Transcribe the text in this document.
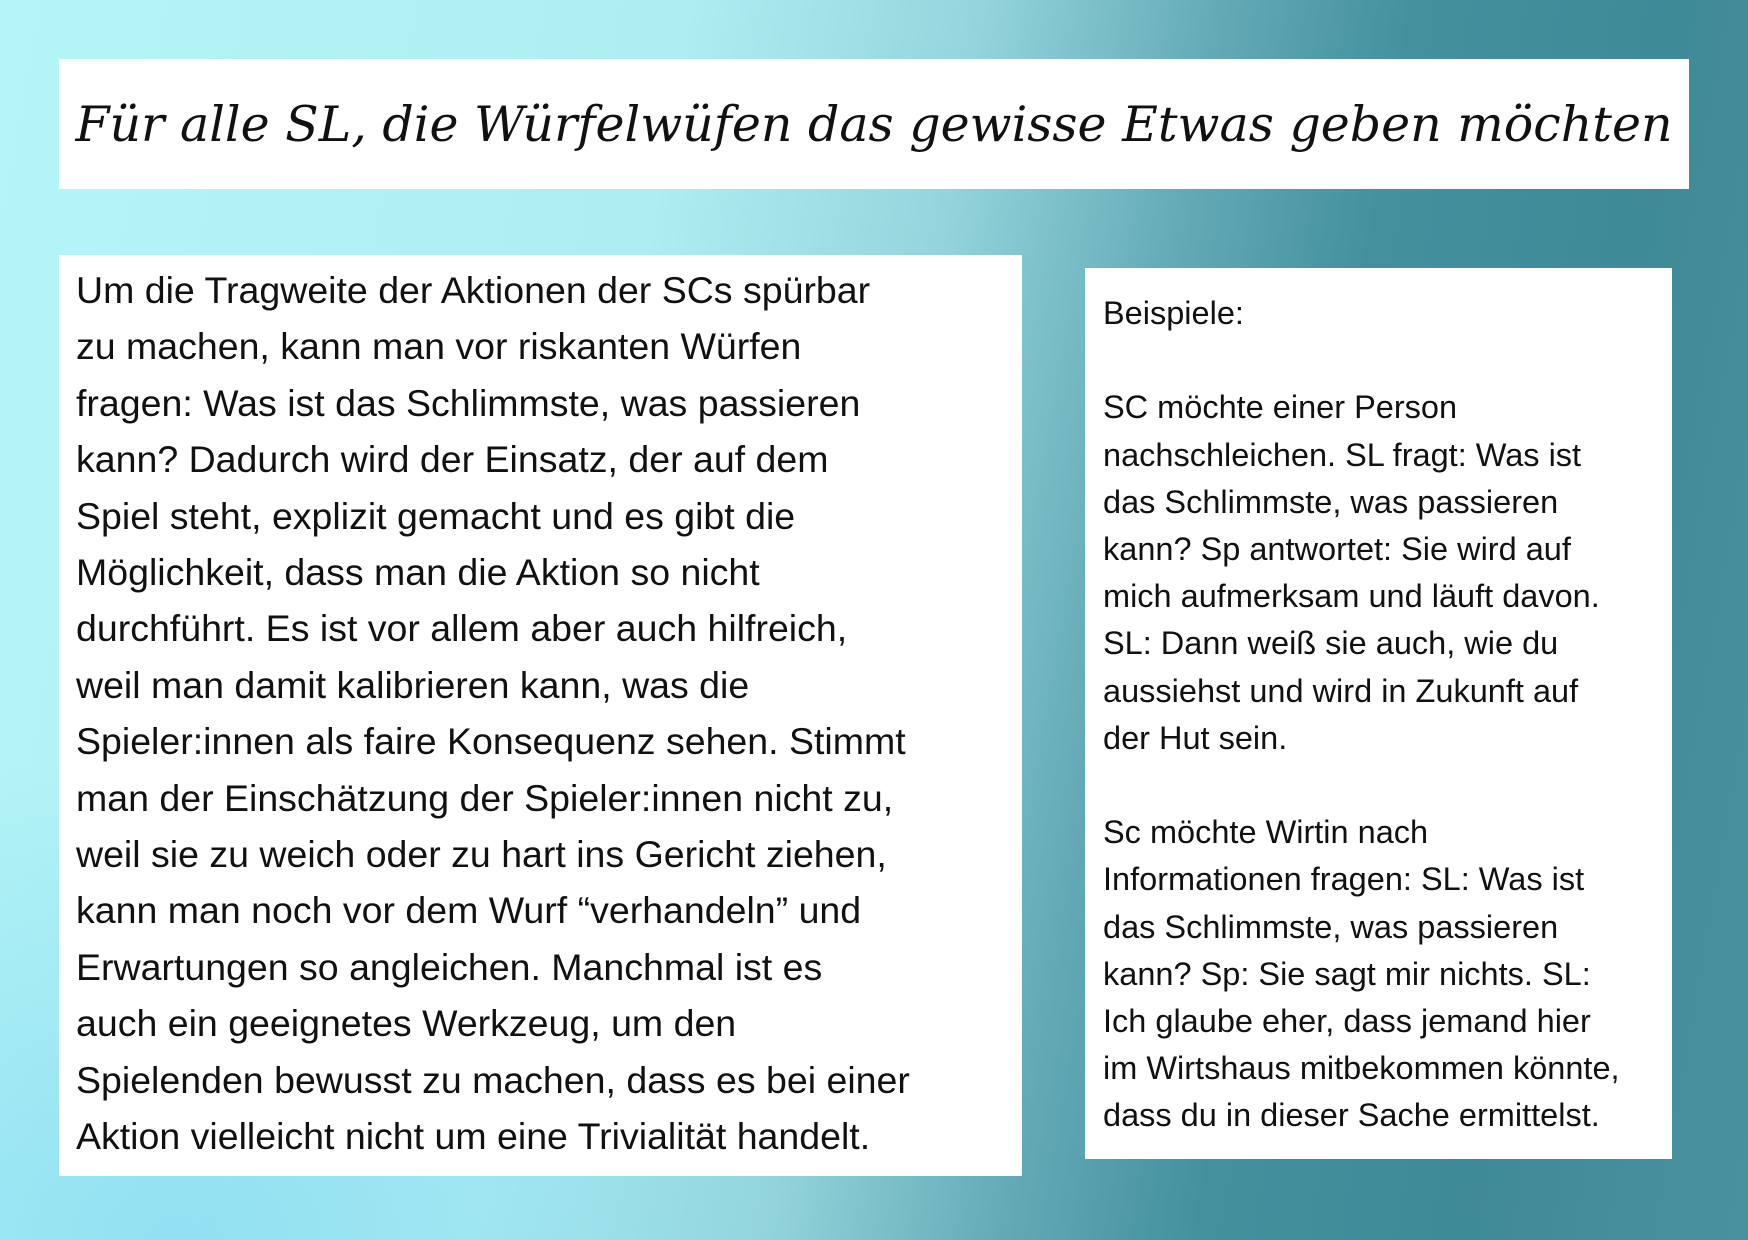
Für alle SL, die Würfelwüfen das gewisse Etwas geben möchten

Um die Tragweite der Aktionen der SCs spürbar
zu machen, kann man vor riskanten Würfen
fragen: Was ist das Schlimmste, was passieren
kann? Dadurch wird der Einsatz, der auf dem
Spiel steht, explizit gemacht und es gibt die
Möglichkeit, dass man die Aktion so nicht
durchführt. Es ist vor allem aber auch hilfreich,
weil man damit kalibrieren kann, was die
Spieler:innen als faire Konsequenz sehen. Stimmt
man der Einschätzung der Spieler:innen nicht zu,
weil sie zu weich oder zu hart ins Gericht ziehen,
kann man noch vor dem Wurf “verhandeln” und
Erwartungen so angleichen. Manchmal ist es
auch ein geeignetes Werkzeug, um den
Spielenden bewusst zu machen, dass es bei einer
Aktion vielleicht nicht um eine Trivialität handelt.

Beispiele:

SC möchte einer Person
nachschleichen. SL fragt: Was ist
das Schlimmste, was passieren
kann? Sp antwortet: Sie wird auf
mich aufmerksam und läuft davon.
SL: Dann weiß sie auch, wie du
aussiehst und wird in Zukunft auf
der Hut sein.

Sc möchte Wirtin nach
Informationen fragen: SL: Was ist
das Schlimmste, was passieren
kann? Sp: Sie sagt mir nichts. SL:
Ich glaube eher, dass jemand hier
im Wirtshaus mitbekommen könnte,
dass du in dieser Sache ermittelst.
